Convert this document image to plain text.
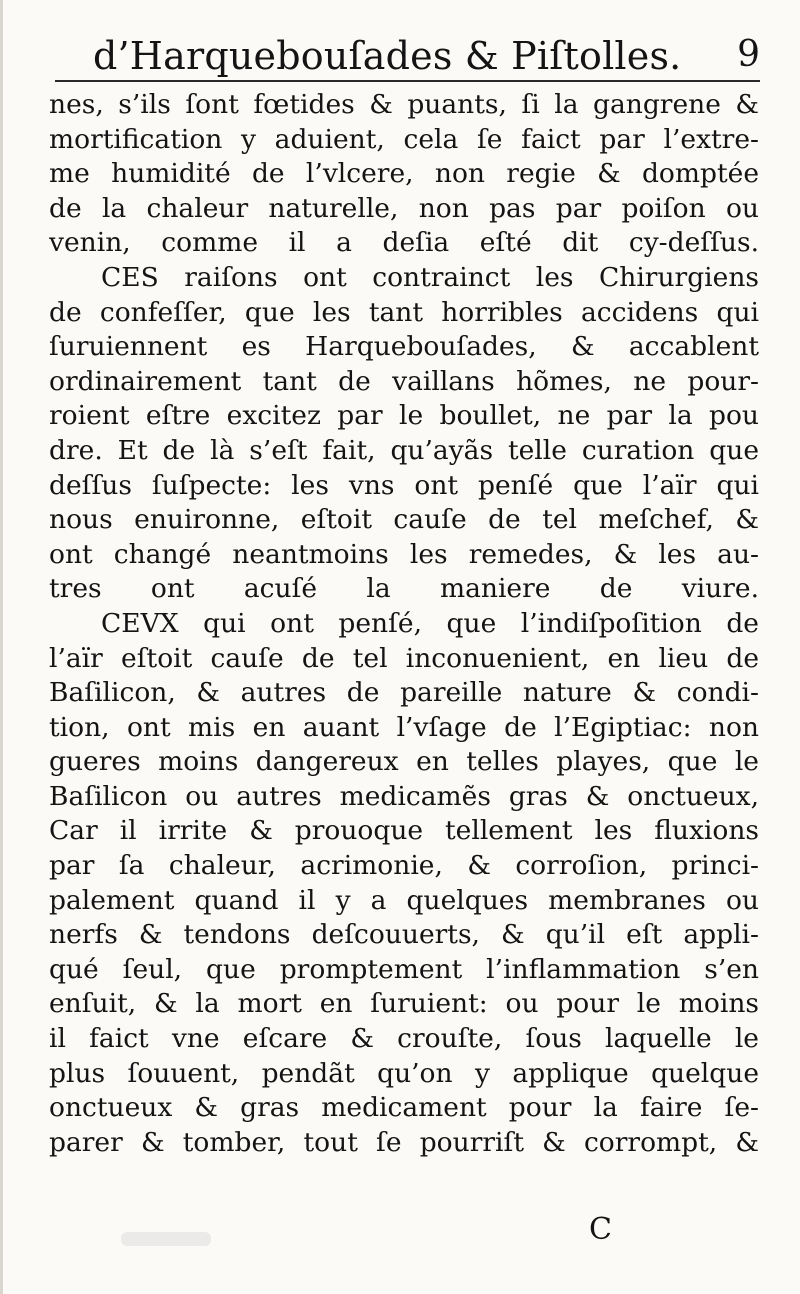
d’Harquebouſades & Piſtolles. 9
nes, s’ils ſont fœtides & puants, ſi la gangrene &
mortification y aduient, cela ſe faict par l’extre-
me humidité de l’vlcere, non regie & domptée
de la chaleur naturelle, non pas par poiſon ou
venin, comme il a deſia eſté dit cy-deſſus.
CES raiſons ont contrainct les Chirurgiens
de confeſſer, que les tant horribles accidens qui
ſuruiennent es Harquebouſades, & accablent
ordinairement tant de vaillans hõmes, ne pour-
roient eſtre excitez par le boullet, ne par la pou
dre. Et de là s’eſt fait, qu’ayãs telle curation que
deſſus ſuſpecte: les vns ont penſé que l’aïr qui
nous enuironne, eſtoit cauſe de tel meſchef, &
ont changé neantmoins les remedes, & les au-
tres ont acuſé la maniere de viure.
CEVX qui ont penſé, que l’indiſpoſition de
l’aïr eſtoit cauſe de tel inconuenient, en lieu de
Baſilicon, & autres de pareille nature & condi-
tion, ont mis en auant l’vſage de l’Egiptiac: non
gueres moins dangereux en telles playes, que le
Baſilicon ou autres medicamẽs gras & onctueux,
Car il irrite & prouoque tellement les fluxions
par ſa chaleur, acrimonie, & corroſion, princi-
palement quand il y a quelques membranes ou
nerfs & tendons deſcouuerts, & qu’il eſt appli-
qué ſeul, que promptement l’inflammation s’en
enſuit, & la mort en ſuruient: ou pour le moins
il faict vne eſcare & crouſte, ſous laquelle le
plus ſouuent, pendãt qu’on y applique quelque
onctueux & gras medicament pour la faire ſe-
parer & tomber, tout ſe pourriſt & corrompt, &
C
